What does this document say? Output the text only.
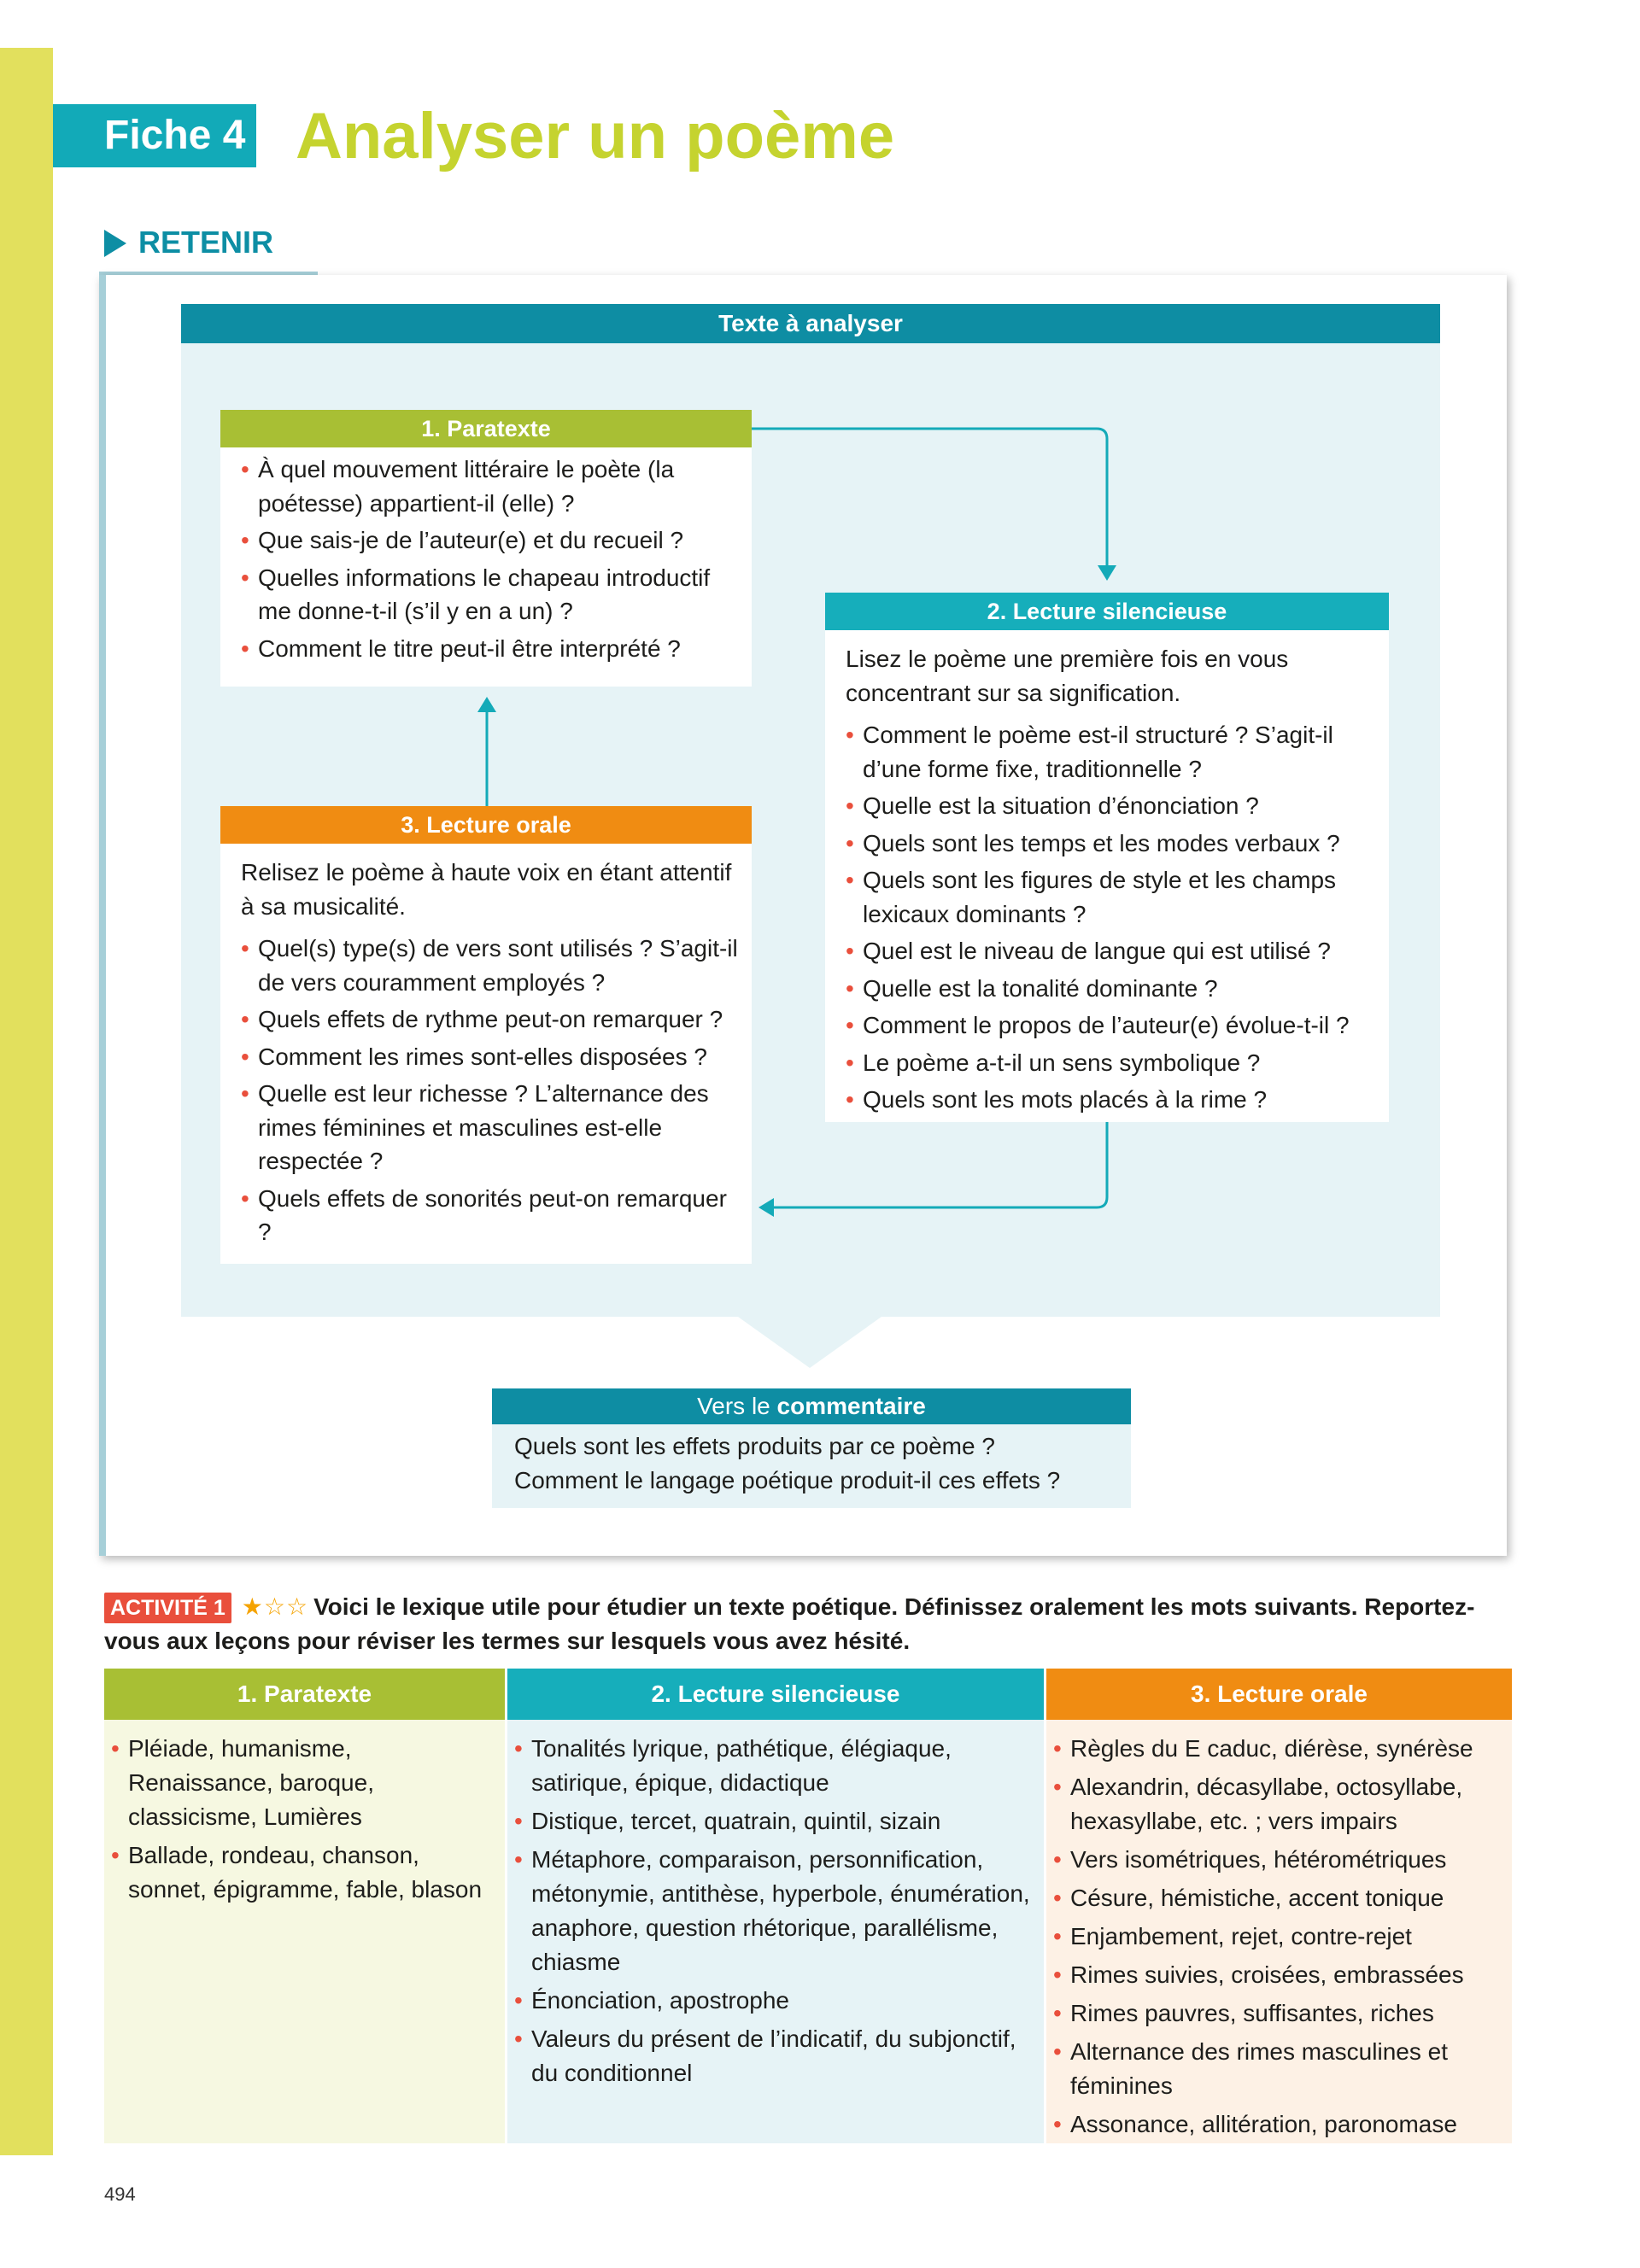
Fiche 4 Analyser un poème
RETENIR
Texte à analyser
1. Paratexte
• À quel mouvement littéraire le poète (la poétesse) appartient-il (elle) ?
• Que sais-je de l’auteur(e) et du recueil ?
• Quelles informations le chapeau introductif me donne-t-il (s’il y en a un) ?
• Comment le titre peut-il être interprété ?
2. Lecture silencieuse
Lisez le poème une première fois en vous concentrant sur sa signification.
• Comment le poème est-il structuré ? S’agit-il d’une forme fixe, traditionnelle ?
• Quelle est la situation d’énonciation ?
• Quels sont les temps et les modes verbaux ?
• Quels sont les figures de style et les champs lexicaux dominants ?
• Quel est le niveau de langue qui est utilisé ?
• Quelle est la tonalité dominante ?
• Comment le propos de l’auteur(e) évolue-t-il ?
• Le poème a-t-il un sens symbolique ?
• Quels sont les mots placés à la rime ?
3. Lecture orale
Relisez le poème à haute voix en étant attentif à sa musicalité.
• Quel(s) type(s) de vers sont utilisés ? S’agit-il de vers couramment employés ?
• Quels effets de rythme peut-on remarquer ?
• Comment les rimes sont-elles disposées ?
• Quelle est leur richesse ? L’alternance des rimes féminines et masculines est-elle respectée ?
• Quels effets de sonorités peut-on remarquer ?
Vers le commentaire
Quels sont les effets produits par ce poème ?
Comment le langage poétique produit-il ces effets ?
ACTIVITÉ 1 ★☆☆ Voici le lexique utile pour étudier un texte poétique. Définissez oralement les mots suivants. Reportez-vous aux leçons pour réviser les termes sur lesquels vous avez hésité.
1. Paratexte
• Pléiade, humanisme, Renaissance, baroque, classicisme, Lumières
• Ballade, rondeau, chanson, sonnet, épigramme, fable, blason
2. Lecture silencieuse
• Tonalités lyrique, pathétique, élégiaque, satirique, épique, didactique
• Distique, tercet, quatrain, quintil, sizain
• Métaphore, comparaison, personnification, métonymie, antithèse, hyperbole, énumération, anaphore, question rhétorique, parallélisme, chiasme
• Énonciation, apostrophe
• Valeurs du présent de l’indicatif, du subjonctif, du conditionnel
3. Lecture orale
• Règles du E caduc, diérèse, synérèse
• Alexandrin, décasyllabe, octosyllabe, hexasyllabe, etc. ; vers impairs
• Vers isométriques, hétérométriques
• Césure, hémistiche, accent tonique
• Enjambement, rejet, contre-rejet
• Rimes suivies, croisées, embrassées
• Rimes pauvres, suffisantes, riches
• Alternance des rimes masculines et féminines
• Assonance, allitération, paronomase
494
